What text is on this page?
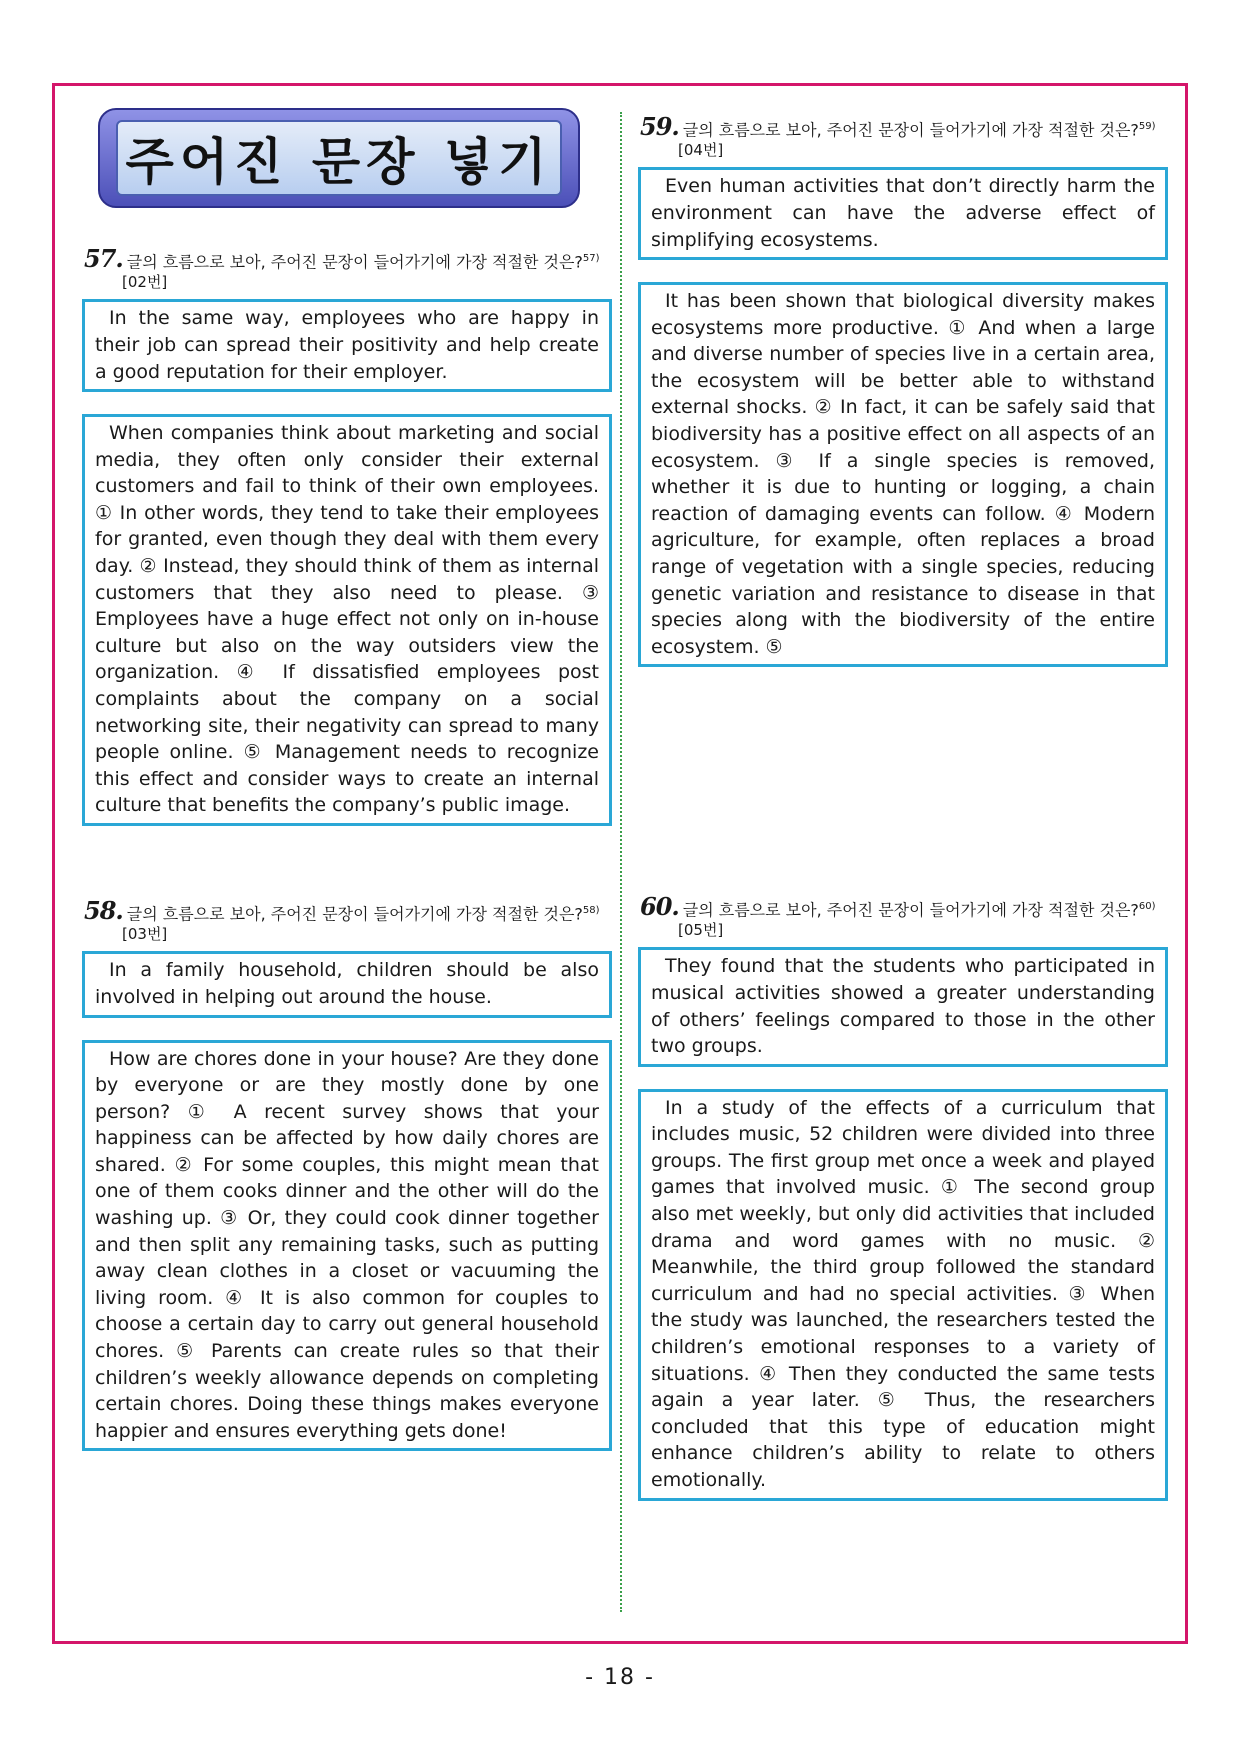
주어진 문장 넣기
57. 글의 흐름으로 보아, 주어진 문장이 들어가기에 가장 적절한 것은?$^{57)}$
[02번]
In the same way, employees who are happy in their job can spread their positivity and help create a good reputation for their employer.
When companies think about marketing and social media, they often only consider their external customers and fail to think of their own employees. ① In other words, they tend to take their employees for granted, even though they deal with them every day. ② Instead, they should think of them as internal customers that they also need to please. ③ Employees have a huge effect not only on in-house culture but also on the way outsiders view the organization. ④ If dissatisfied employees post complaints about the company on a social networking site, their negativity can spread to many people online. ⑤ Management needs to recognize this effect and consider ways to create an internal culture that benefits the company’s public image.
58. 글의 흐름으로 보아, 주어진 문장이 들어가기에 가장 적절한 것은?$^{58)}$
[03번]
In a family household, children should be also involved in helping out around the house.
How are chores done in your house? Are they done by everyone or are they mostly done by one person? ① A recent survey shows that your happiness can be affected by how daily chores are shared. ② For some couples, this might mean that one of them cooks dinner and the other will do the washing up. ③ Or, they could cook dinner together and then split any remaining tasks, such as putting away clean clothes in a closet or vacuuming the living room. ④ It is also common for couples to choose a certain day to carry out general household chores. ⑤ Parents can create rules so that their children’s weekly allowance depends on completing certain chores. Doing these things makes everyone happier and ensures everything gets done!
59. 글의 흐름으로 보아, 주어진 문장이 들어가기에 가장 적절한 것은?$^{59)}$
[04번]
Even human activities that don’t directly harm the environment can have the adverse effect of simplifying ecosystems.
It has been shown that biological diversity makes ecosystems more productive. ① And when a large and diverse number of species live in a certain area, the ecosystem will be better able to withstand external shocks. ② In fact, it can be safely said that biodiversity has a positive effect on all aspects of an ecosystem. ③ If a single species is removed, whether it is due to hunting or logging, a chain reaction of damaging events can follow. ④ Modern agriculture, for example, often replaces a broad range of vegetation with a single species, reducing genetic variation and resistance to disease in that species along with the biodiversity of the entire ecosystem. ⑤
60. 글의 흐름으로 보아, 주어진 문장이 들어가기에 가장 적절한 것은?$^{60)}$
[05번]
They found that the students who participated in musical activities showed a greater understanding of others’ feelings compared to those in the other two groups.
In a study of the effects of a curriculum that includes music, 52 children were divided into three groups. The first group met once a week and played games that involved music. ① The second group also met weekly, but only did activities that included drama and word games with no music. ② Meanwhile, the third group followed the standard curriculum and had no special activities. ③ When the study was launched, the researchers tested the children’s emotional responses to a variety of situations. ④ Then they conducted the same tests again a year later. ⑤ Thus, the researchers concluded that this type of education might enhance children’s ability to relate to others emotionally.
- 18 -
